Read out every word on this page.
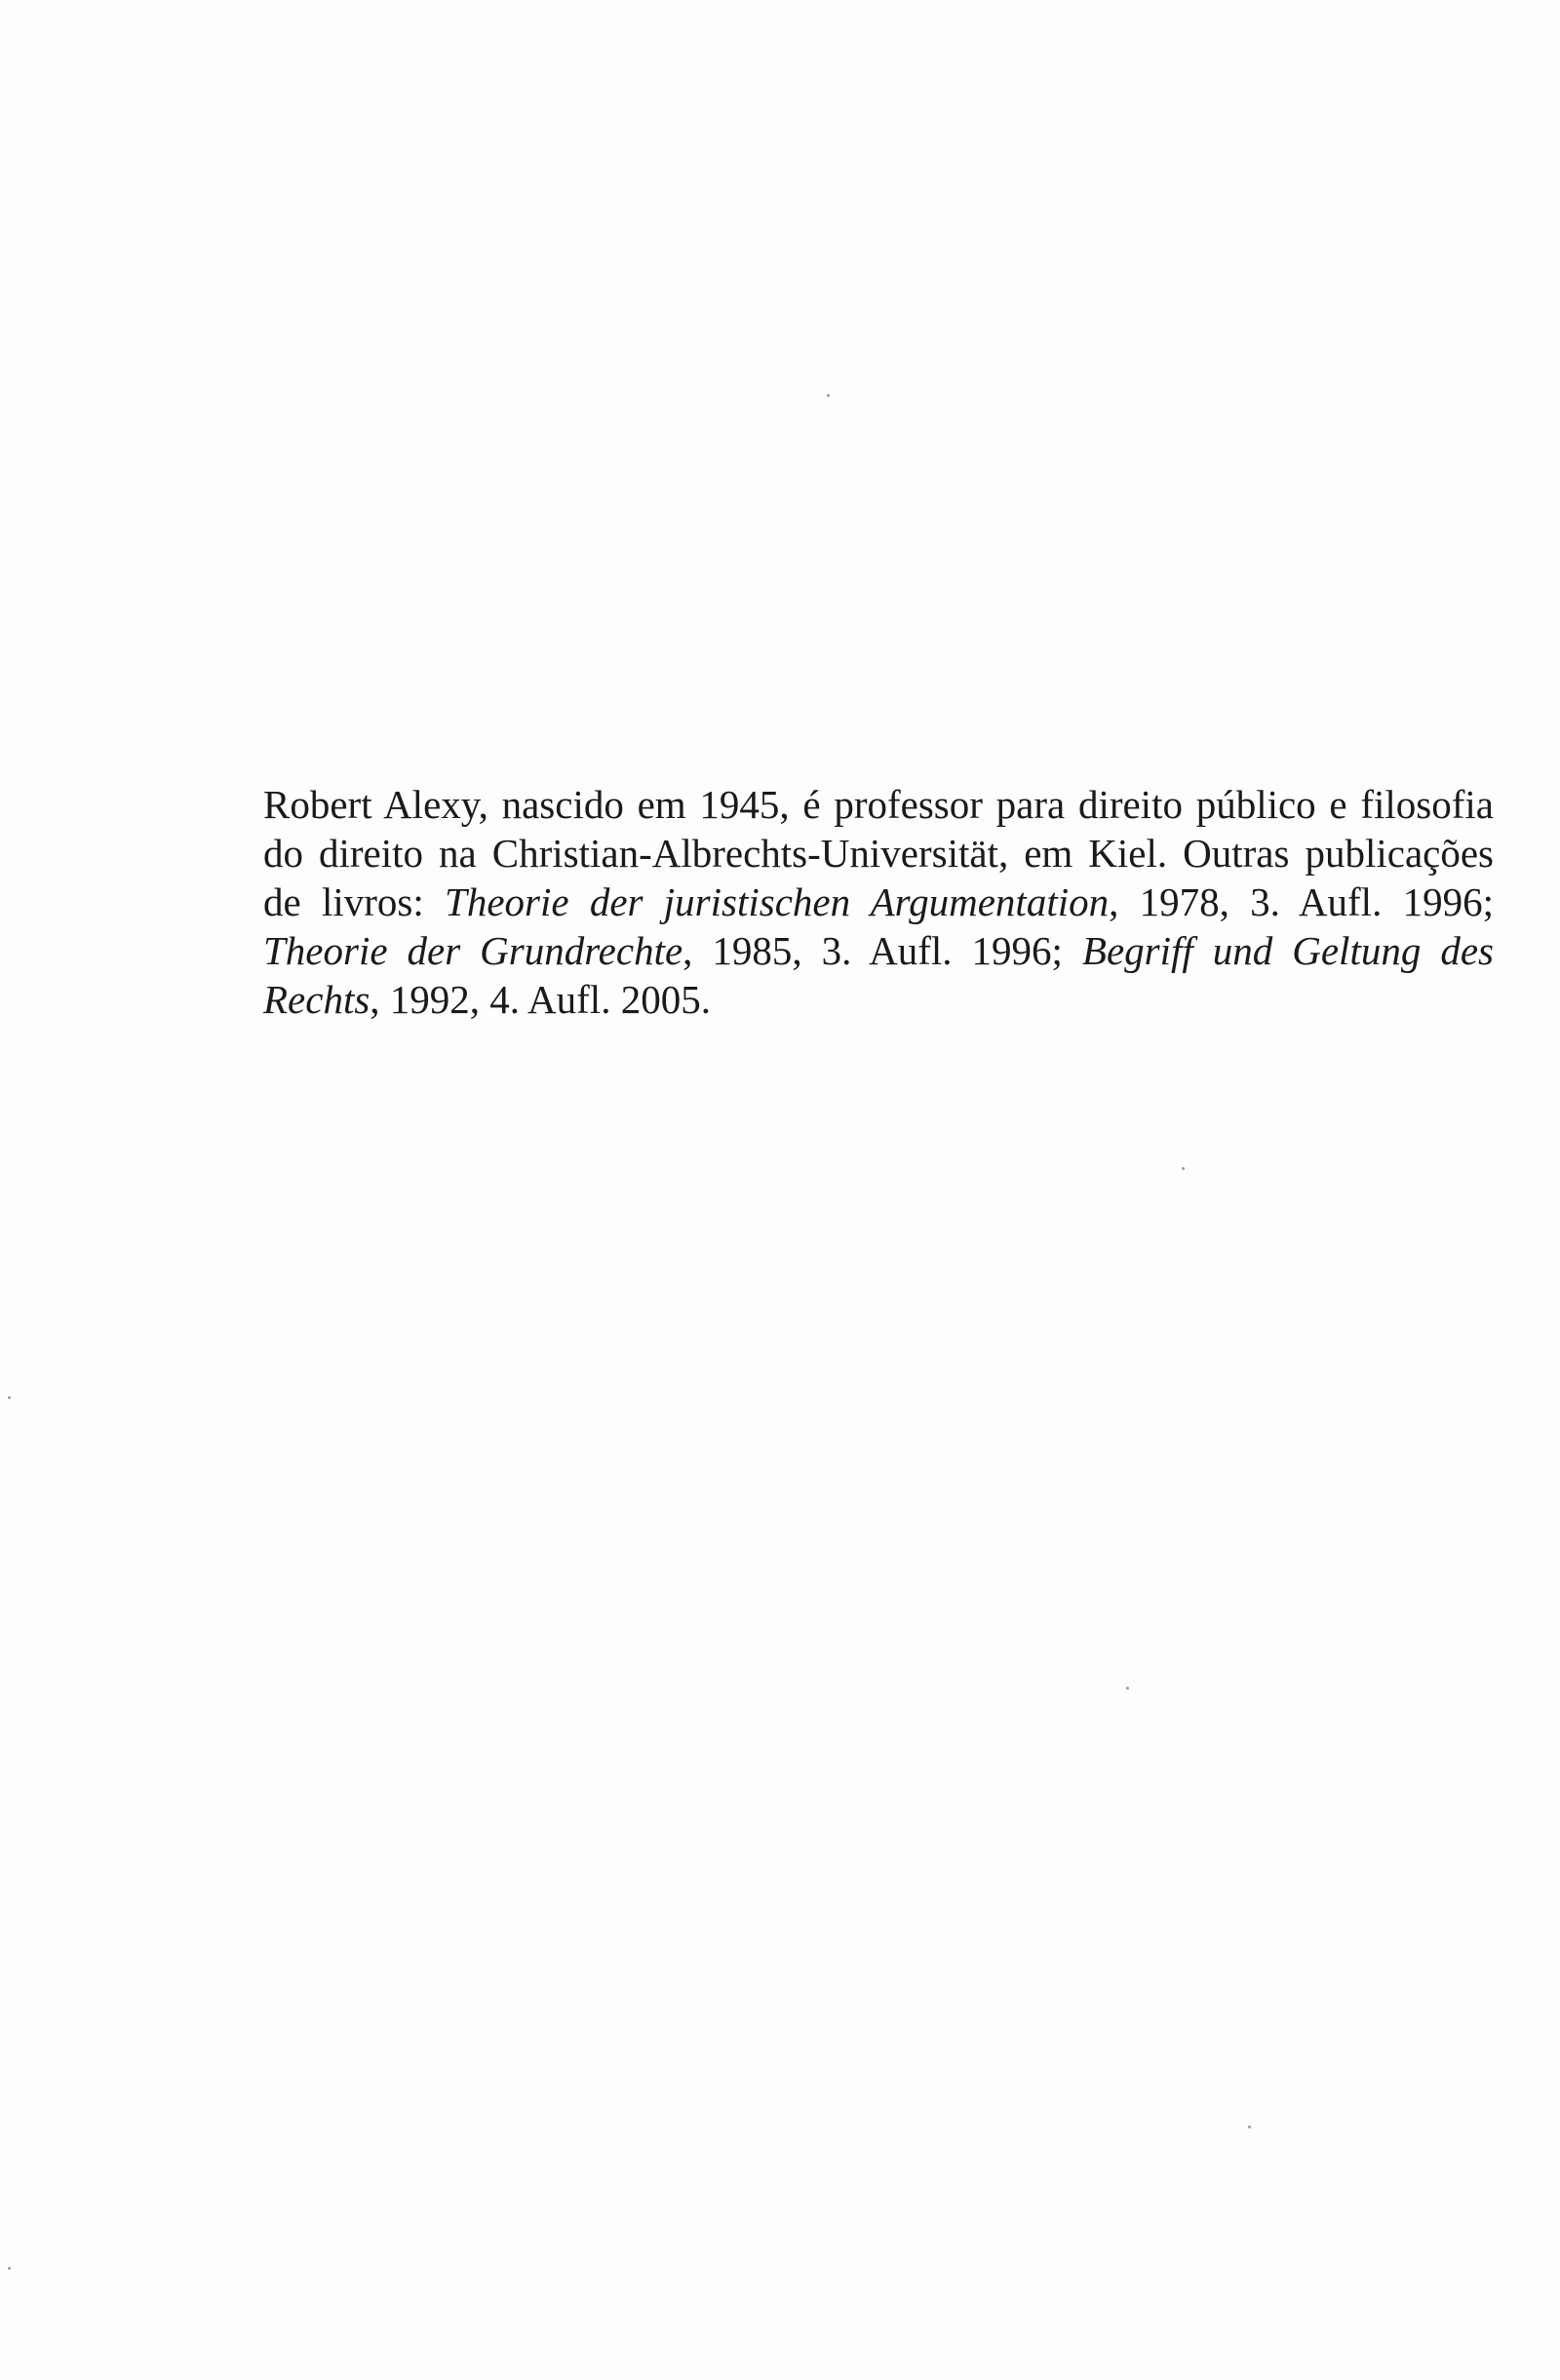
Robert Alexy, nascido em 1945, é professor para direito público e filosofia
do direito na Christian-Albrechts-Universität, em Kiel. Outras publicações
de livros: Theorie der juristischen Argumentation, 1978, 3. Aufl. 1996;
Theorie der Grundrechte, 1985, 3. Aufl. 1996; Begriff und Geltung des
Rechts, 1992, 4. Aufl. 2005.
